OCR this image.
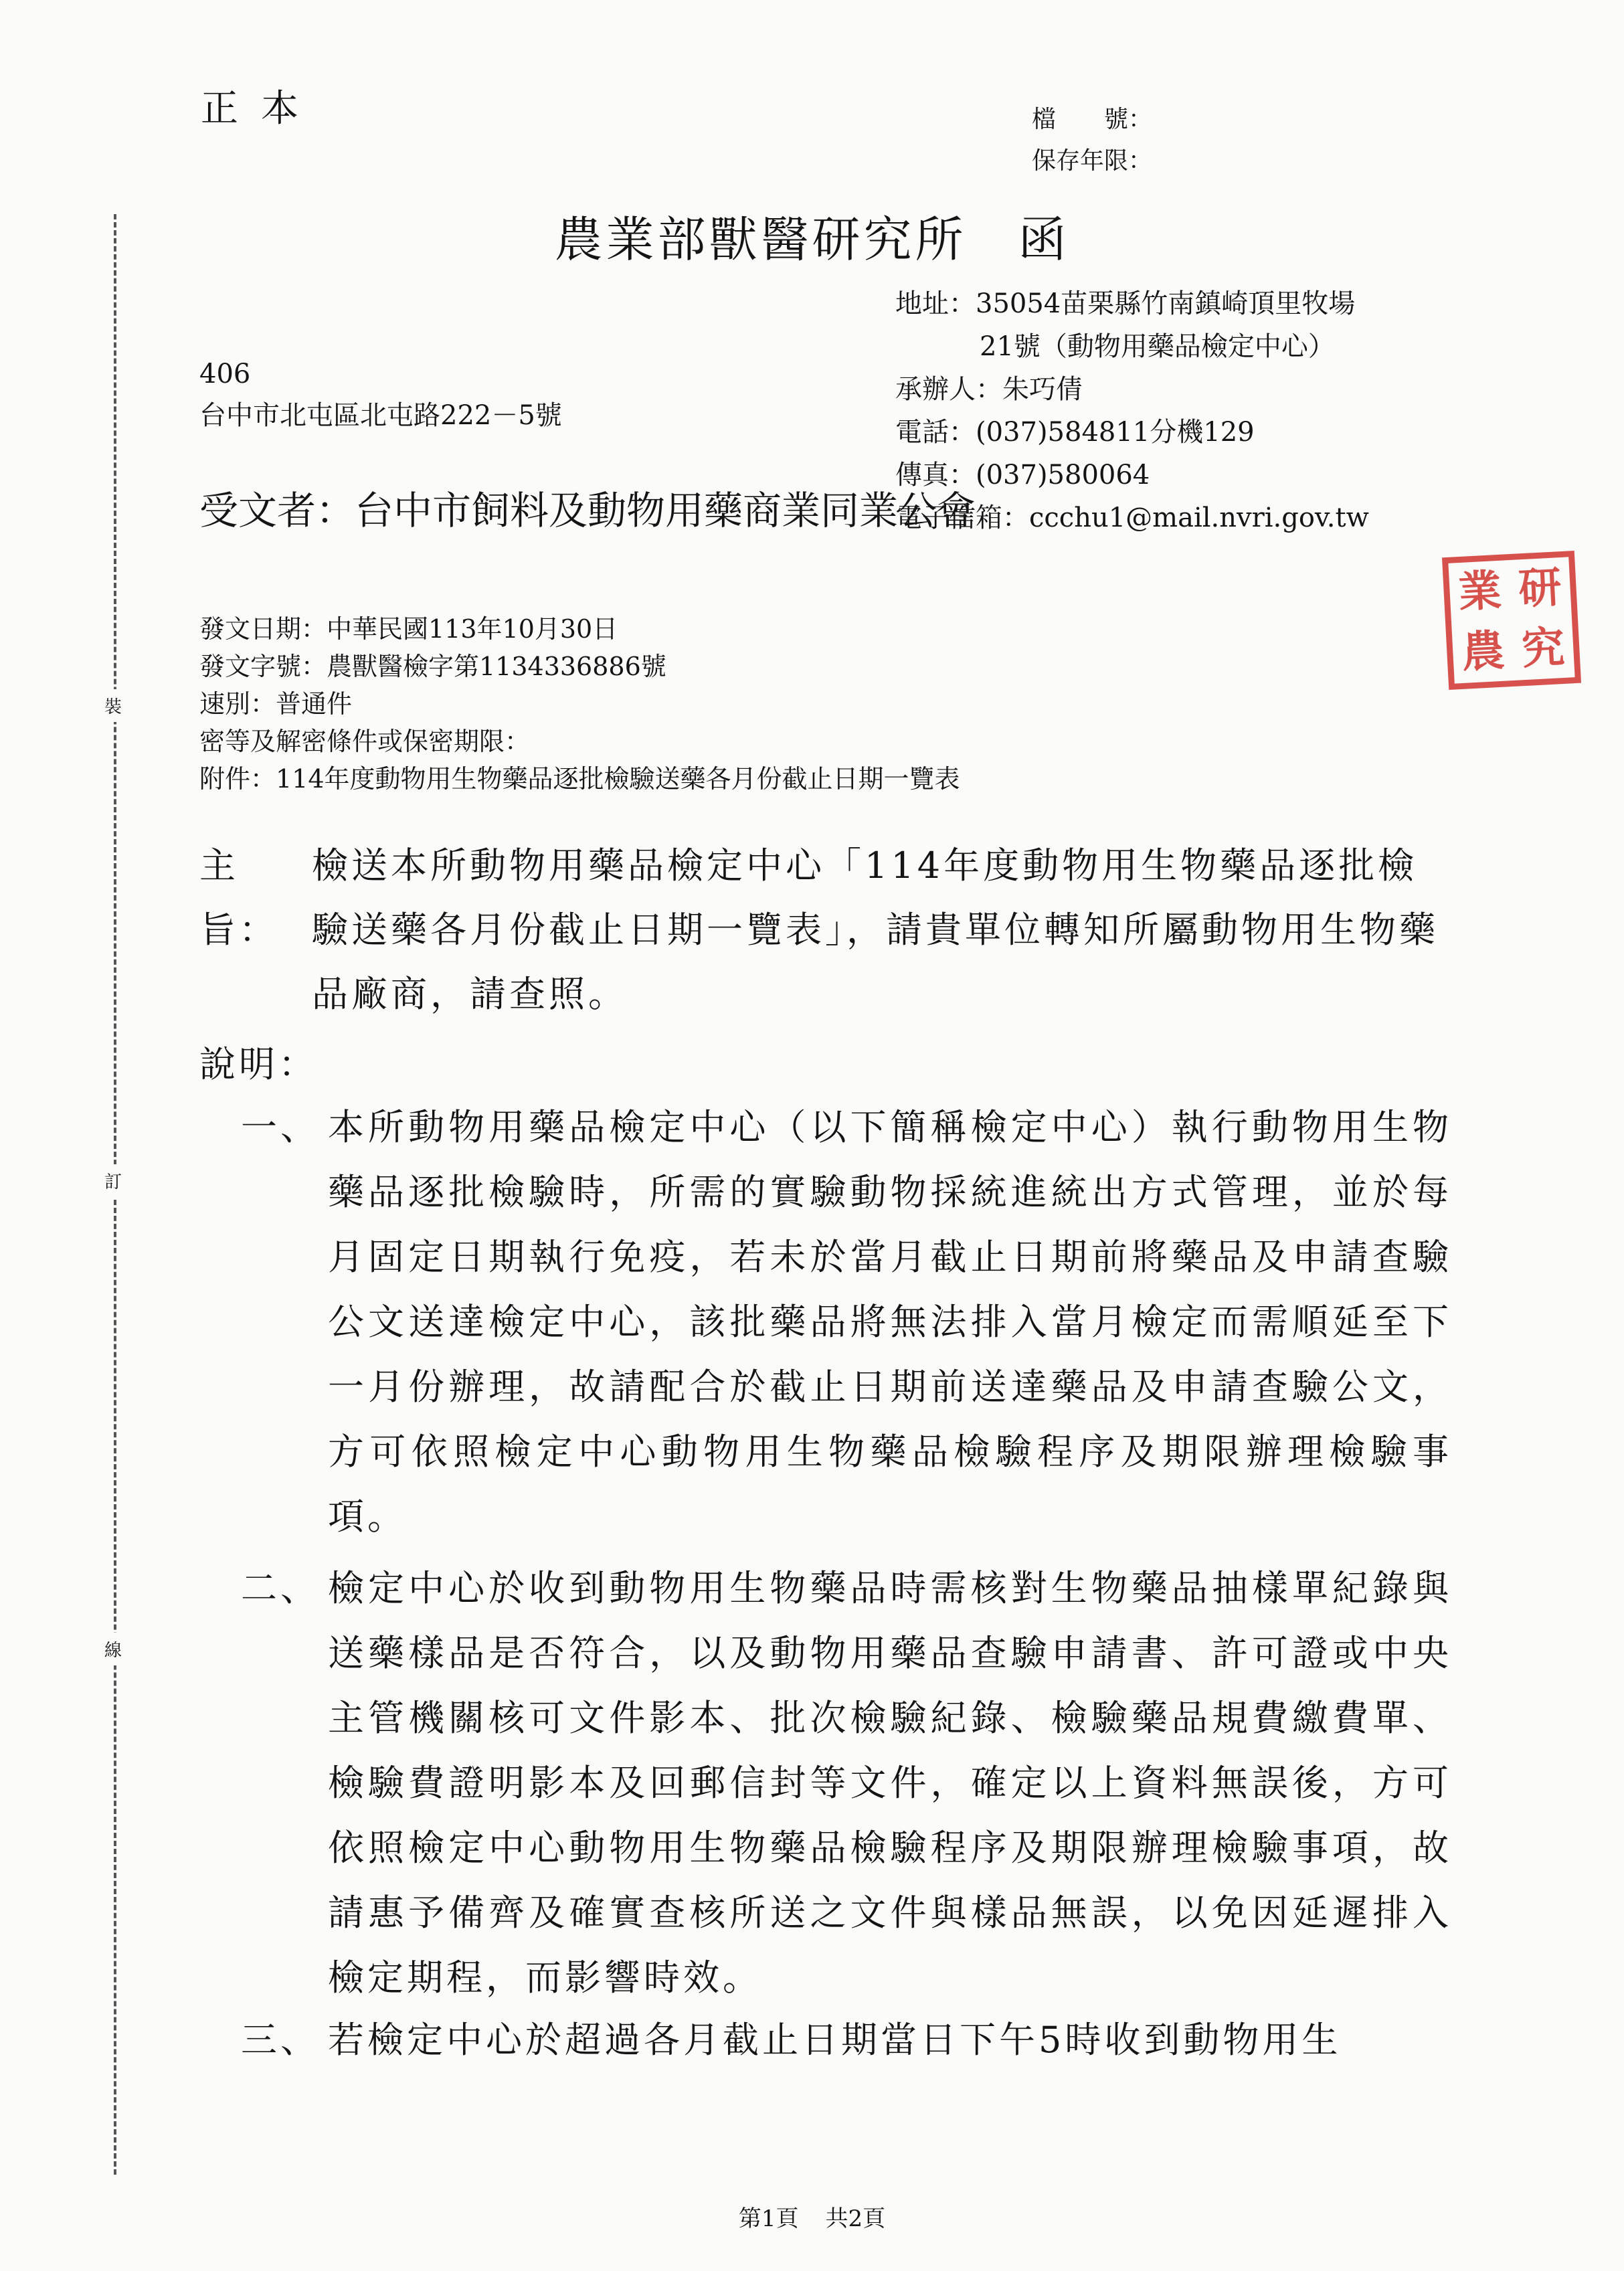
裝
訂
線
正本	檔　　號：
保存年限：
農業部獸醫研究所　函
地址：35054苗栗縣竹南鎮崎頂里牧場
21號（動物用藥品檢定中心）
承辦人：朱巧倩
電話：(037)584811分機129
傳真：(037)580064
電子信箱：ccchu1@mail.nvri.gov.tw
業 研
農 究
406
台中市北屯區北屯路222－5號
受文者：台中市飼料及動物用藥商業同業公會
發文日期：中華民國113年10月30日
發文字號：農獸醫檢字第1134336886號
速別：普通件
密等及解密條件或保密期限：
附件：114年度動物用生物藥品逐批檢驗送藥各月份截止日期一覽表
主旨：
檢送本所動物用藥品檢定中心「114年度動物用生物藥品逐批檢驗送藥各月份截止日期一覽表」，請貴單位轉知所屬動物用生物藥品廠商，請查照。
說明：
一、 本所動物用藥品檢定中心（以下簡稱檢定中心）執行動物用生物藥品逐批檢驗時，所需的實驗動物採統進統出方式管理，並於每月固定日期執行免疫，若未於當月截止日期前將藥品及申請查驗公文送達檢定中心，該批藥品將無法排入當月檢定而需順延至下一月份辦理，故請配合於截止日期前送達藥品及申請查驗公文，方可依照檢定中心動物用生物藥品檢驗程序及期限辦理檢驗事項。
二、 檢定中心於收到動物用生物藥品時需核對生物藥品抽樣單紀錄與送藥樣品是否符合，以及動物用藥品查驗申請書、許可證或中央主管機關核可文件影本、批次檢驗紀錄、檢驗藥品規費繳費單、檢驗費證明影本及回郵信封等文件，確定以上資料無誤後，方可依照檢定中心動物用生物藥品檢驗程序及期限辦理檢驗事項，故請惠予備齊及確實查核所送之文件與樣品無誤，以免因延遲排入檢定期程，而影響時效。
三、 若檢定中心於超過各月截止日期當日下午5時收到動物用生
第1頁 共2頁
